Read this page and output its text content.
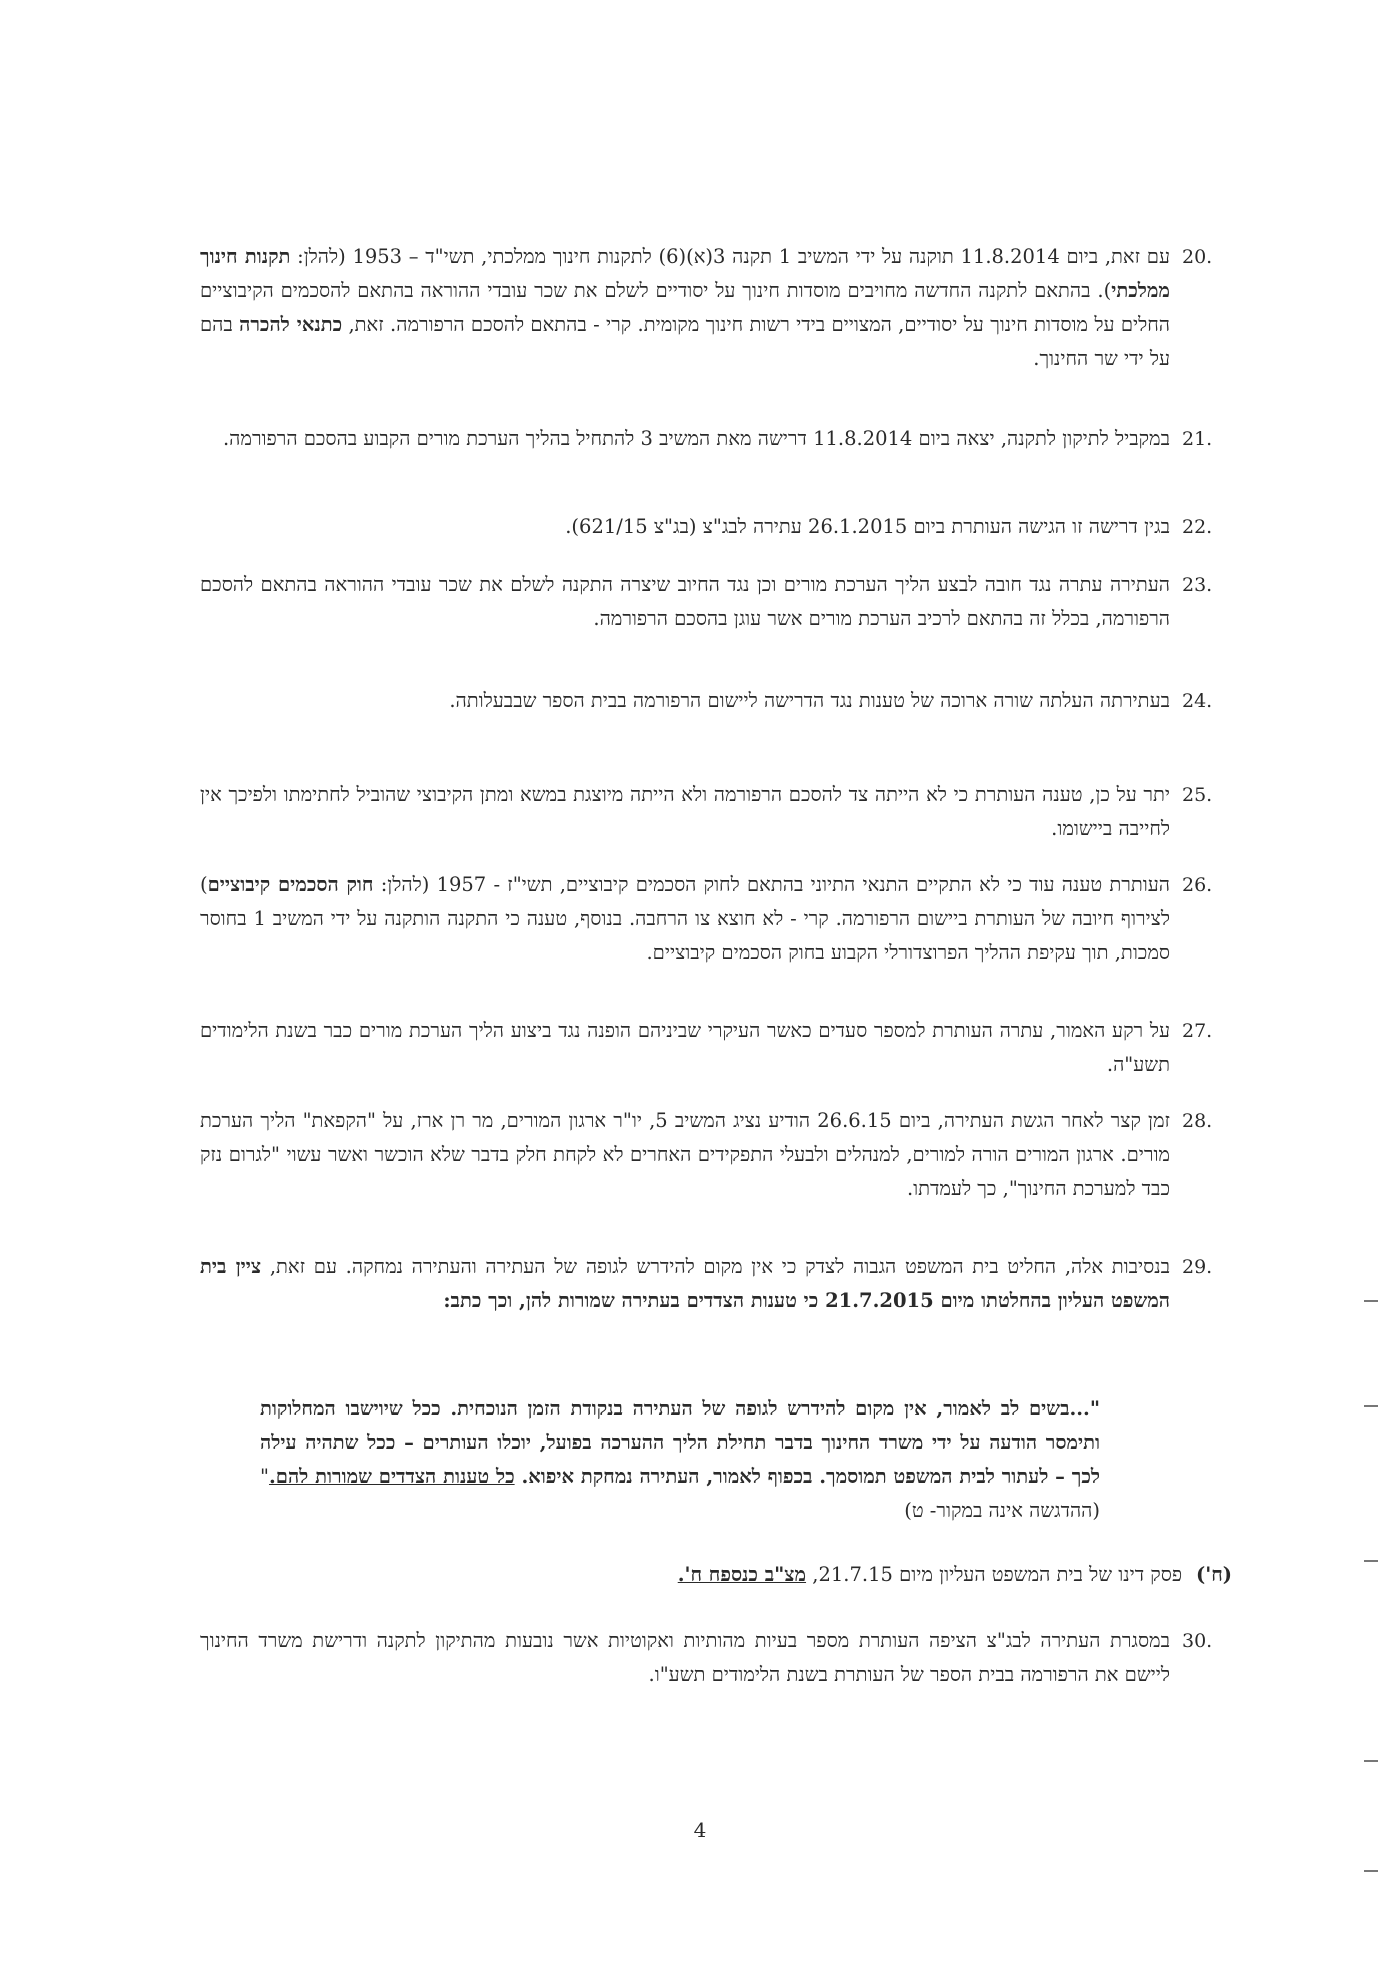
20.
עם זאת, ביום 11.8.2014 תוקנה על ידי המשיב 1 תקנה 3(א)(6) לתקנות חינוך ממלכתי, תשי"ד – 1953 (להלן: תקנות חינוך ממלכתי). בהתאם לתקנה החדשה מחויבים מוסדות חינוך על יסודיים לשלם את שכר עובדי ההוראה בהתאם להסכמים הקיבוציים החלים על מוסדות חינוך על יסודיים, המצויים בידי רשות חינוך מקומית. קרי - בהתאם להסכם הרפורמה. זאת, כתנאי להכרה בהם על ידי שר החינוך.

21.
במקביל לתיקון לתקנה, יצאה ביום 11.8.2014 דרישה מאת המשיב 3 להתחיל בהליך הערכת מורים הקבוע בהסכם הרפורמה.

22.
בגין דרישה זו הגישה העותרת ביום 26.1.2015 עתירה לבג"צ (בג"צ 621/15).

23.
העתירה עתרה נגד חובה לבצע הליך הערכת מורים וכן נגד החיוב שיצרה התקנה לשלם את שכר עובדי ההוראה בהתאם להסכם הרפורמה, בכלל זה בהתאם לרכיב הערכת מורים אשר עוגן בהסכם הרפורמה.

24.
בעתירתה העלתה שורה ארוכה של טענות נגד הדרישה ליישום הרפורמה בבית הספר שבבעלותה.

25.
יתר על כן, טענה העותרת כי לא הייתה צד להסכם הרפורמה ולא הייתה מיוצגת במשא ומתן הקיבוצי שהוביל לחתימתו ולפיכך אין לחייבה ביישומו.

26.
העותרת טענה עוד כי לא התקיים התנאי התיוני בהתאם לחוק הסכמים קיבוציים, תשי"ז - 1957 (להלן: חוק הסכמים קיבוציים) לצירוף חיובה של העותרת ביישום הרפורמה. קרי - לא חוצא צו הרחבה. בנוסף, טענה כי התקנה הותקנה על ידי המשיב 1 בחוסר סמכות, תוך עקיפת ההליך הפרוצדורלי הקבוע בחוק הסכמים קיבוציים.

27.
על רקע האמור, עתרה העותרת למספר סעדים כאשר העיקרי שביניהם הופנה נגד ביצוע הליך הערכת מורים כבר בשנת הלימודים תשע"ה.

28.
זמן קצר לאחר הגשת העתירה, ביום 26.6.15 הודיע נציג המשיב 5, יו"ר ארגון המורים, מר רן ארז, על "הקפאת" הליך הערכת מורים. ארגון המורים הורה למורים, למנהלים ולבעלי התפקידים האחרים לא לקחת חלק בדבר שלא הוכשר ואשר עשוי "לגרום נזק כבד למערכת החינוך", כך לעמדתו.

29.
בנסיבות אלה, החליט בית המשפט הגבוה לצדק כי אין מקום להידרש לגופה של העתירה והעתירה נמחקה. עם זאת, ציין בית המשפט העליון בהחלטתו מיום 21.7.2015 כי טענות הצדדים בעתירה שמורות להן, וכך כתב:

"...בשים לב לאמור, אין מקום להידרש לגופה של העתירה בנקודת הזמן הנוכחית. ככל שיוישבו המחלוקות ותימסר הודעה על ידי משרד החינוך בדבר תחילת הליך ההערכה בפועל, יוכלו העותרים – ככל שתהיה עילה לכך – לעתור לבית המשפט תמוסמך. בכפוף לאמור, העתירה נמחקת איפוא. כל טענות הצדדים שמורות להם."(ההדגשה אינה במקור- ט)

(ח')פסק דינו של בית המשפט העליון מיום 21.7.15, מצ"ב כנספח ח'.

30.
במסגרת העתירה לבג"צ הציפה העותרת מספר בעיות מהותיות ואקוטיות אשר נובעות מהתיקון לתקנה ודרישת משרד החינוך ליישם את הרפורמה בבית הספר של העותרת בשנת הלימודים תשע"ו.

4
